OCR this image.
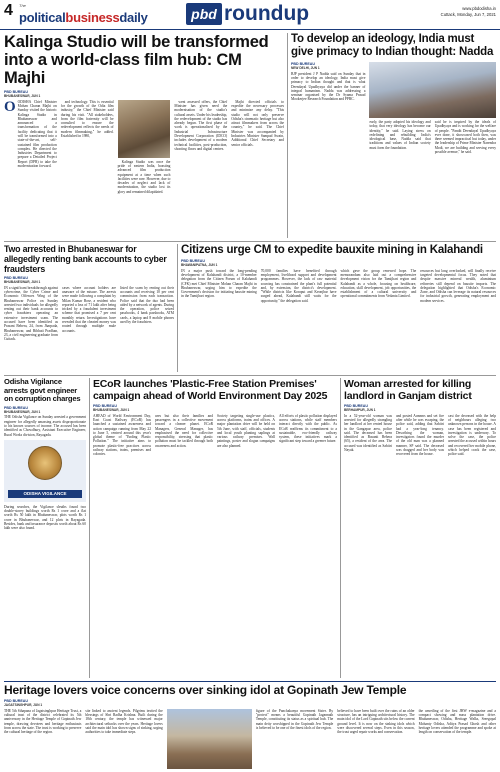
4 The
politicalbusinessdaily	pbd roundup	www.pbdodisha.in
Cuttack, Monday, Jun 7, 2021
Kalinga Studio will be transformed into a world-class film hub: CM Majhi
PBD BUREAU
BHUBANESWAR, JUN 1
O ODISHA Chief Minister Mohan Charan Majhi on Sunday visited the historic Kalinga Studio in Bhubaneswar and announced a transformation of the facility dedicating that it will be transformed into a state-of-the-art, self-sustained film production complex. He directed the Industries Department to prepare a Detailed Project Report (DPR) to take the modernisation forward.

and technology. This is essential for the growth of the Odia film industry," the Chief Minister said during his visit. "All stakeholders, from the film fraternity will be consulted to ensure the redevelopment reflects the needs of modern filmmaking," he added. Established in 1980,

Kalinga Studio was once the pride of eastern India, boasting advanced film production equipment at a time when such facilities were rare. However, due to decades of neglect and lack of modernisation, the studio lost its glory and remained dilapidated.

went assessed offers, the Chief Minister has given need the modernisation of the studio's cultural assets. Under his leadership, the redevelopment of the studio has already begun. The first phase of work is operationalised by the Industrial Infrastructure Development Corporation (IDCO) includes development of a modern technical facilities, post-production, shooting floors and digital centres.

Majhi directed officials to expedite the necessary processes and minimize any delay. "This studio will not only preserve Odisha's cinematic heritage but also attract filmmakers from across the country," he said. The Chief Minister was accompanied by Industries Minister Sampad Swain, Additional Chief Secretary and senior officials.

To develop an ideology, India must give primacy to Indian thought: Nadda
PBD BUREAU
NEW DELHI, JUN 1

BJP president J P Nadda said on Sunday that in order to develop an ideology, India must give primacy to Indian thought and that is what Deendayal Upadhyaya did under the banner of integral humanism. Nadda was addressing a seminar organised by the Dr Syama Prasad Mookerjee Research Foundation and PPRC.

early, the party adopted his ideology and today, that very ideology has become our identity," he said. Laying stress on redefining and rebuilding India's ideological base, Nadda said that traditions and values of Indian society must form the foundation.

said he is inspired by the ideals of Upadhyaya and is working for the welfare of people. "Pandit Deendayal Upadhyaya ever done, it showcased both then, was there seemed impractical but today, under the leadership of Prime Minister Narendra Modi, we are building and serving every possible avenue," he said.

Two arrested in Bhubaneswar for allegedly renting bank accounts to cyber fraudsters
PBD BUREAU
BHUBANESWAR, JUN 1

IN a significant breakthrough against cybercrime, the Cyber Crime and Economic Offences Wing of the Bhubaneswar Police on Sunday arrested two individuals for allegedly renting out their bank accounts to cyber fraudsters operating an extensive investment scam. The accused have been identified as Prasant Behera, 24, from Jharpada, Bhubaneswar, and Bibhuti Pradhan, 23, a civil engineering graduate from Cuttack.

cases where account holders are unaware of the misuse. The arrests were made following a complaint by Milan Kumar Bose, a resident who reported a loss of 71 lakh after being tricked by a fraudulent investment scheme that promised a 7 per cent monthly return. Investigations have revealed that the cheated money was routed through multiple mule accounts.

listed the scam by renting out their accounts and receiving 10 per cent commission from each transaction. Police said that the duo had been aided by a network of agents. During the operation, police seized passbooks, 4 bank passbooks, ATM cards, a laptop and 8 mobile phones used by the fraudsters.

Citizens urge CM to expedite bauxite mining in Kalahandi
PBD BUREAU
BHAWANIPATNA, JUN 1

IN a major push toward the long-pending development of Kalahandi district, a 10-member delegation from the Citizen Forum of Kalahandi (CFK) met Chief Minister Mohan Charan Majhi in Bhubaneswar, urging him to expedite the Government's decision for initiating bauxite mining in the Tamijhari region.

70,000 families have benefited through employment, livelihood support and development programmes. However, the lack of raw material sourcing has constrained the plant's full potential and, by extension, the district's development. "While districts like Koraput and Keonjhar have surged ahead, Kalahandi still waits for the opportunity," the delegation said.

which gave the group renewed hope. The memorandum also laid out a comprehensive development vision for the Tamijhari region and Kalahandi as a whole, focusing on healthcare, education, skill development, job opportunities, the establishment of a cultural university and operational commitments from Vedanta Limited.

resources but long overlooked, will finally receive targeted developmental focus. They noted that despite massive mineral wealth, aluminium refineries still depend on bauxite imports. The delegation highlighted that Odisha's Economic Zone, and Odisha can leverage its natural resources for industrial growth, generating employment and modern services.

Odisha Vigilance arrests govt engineer on corruption charges
PBD BUREAU
BHUBANESWAR, JUN 1

THE Odisha Vigilance on Sunday arrested a government engineer for allegedly amassing assets disproportionate to his known sources of income. The accused has been identified as Chowdhury, Assistant Executive Engineer, Rural Works division, Rayagada.

ODISHA VIGILANCE

During searches, the Vigilance sleuths found two double-storey buildings worth Rs 1 crore and a flat worth Rs 50 lakh in Bhubaneswar, plots worth Rs 1 crore in Bhubaneswar, and 12 plots in Rayagada. Besides, bank and insurance deposits worth about Rs 60 lakh were also found.

ECoR launches 'Plastic-Free Station Premises' campaign ahead of World Environment Day 2025
PBD BUREAU
BHUBANESWAR, JUN 1

AHEAD of World Environment Day, East Coast Railway (ECoR) has launched a sustained awareness and action campaign running from May 22 to June 5, centred around this year's global theme of "Ending Plastic Pollution." The initiative aims to promote plastic-free practices across railway stations, trains, premises and colonies.

ures but also their families and passengers in a collective movement toward a cleaner planet. ECoR Managers, General Manager, has emphasised the need for collective responsibility, stressing that plastic pollution must be tackled through both awareness and action.

Society targeting single-use plastics, across platforms, trains and offices. A major plantation drive will be held on 5th June, with staff, officials, students and local youth planting saplings at various railway premises. Wall paintings, poster and slogan campaigns are also planned.

All efforts of plastic pollution displayed across stations, while staff members interact directly with the public. As ECoR reaffirms its commitment to a sustainable, eco-friendly railway system, these initiatives mark a significant step toward a greener future.

Woman arrested for killing landlord in Ganjam district
PBD BUREAU
BERHAMPUR, JUN 1

In a 52-year-old woman was arrested for allegedly strangling her landlord at her rented house in the Gangapur area, police said. The deceased has been identified as Basanti Behera (65), a resident of the area. The accused was identified as Sabitri Nayak.

and posted Aonnms and set fire after while he was escaping, the police said, adding that Sabitri had a year-long tenancy. Describing the woman, investigators found the murder of the old man was a planned manner, SP said. The deceased was dragged and her body was recovered from the house.

cast the deceased with the help of neighbours alleging two unknown persons in the house. A case has been registered and investigation is underway. To solve the case, the police arrested the accused within hours and recovered her mobile phone, which helped crack the case, police said.

Heritage lovers voice concerns over sinking idol at Gopinath Jew Temple
PBD BUREAU
JAGATSINGHPUR, JUN 1

THE 5th Sthapana of Jagatsinghpur Heritage Trust, a cultural trust of the district celebrated its 5th anniversary in the Heritage Temple of Gopinath Jew temple, drawing devotees and heritage enthusiasts from across the state. The trust is working to preserve the cultural heritage of the region.

site linked to ancient legends. Pilgrims invited the blessings of Shri Radha Krishna. Built during the 18th century, the temple has witnessed major architectural setbacks over the years. Heritage lovers said the main idol has shown signs of sinking, urging authorities to take immediate steps.

figure of the Panchakanya movement Sister. By "protect" means a beautiful Gopinath Jagannath Temple, constituting its status as a spiritual hub. The main deity worshipped in the Gopinath Jew Temple is believed to be one of the finest idols of the region.

believed to have been built over the ruins of an older structure, has an intriguing architectural history. The main idol of the Lord Gopinath sits below the current ground level. It is now on the sinking idols which were discovered several steps. Even in this season, the trust urged repair works and conservation.

the unveiling of the first JHW e-magazine and a compact showing and mass plantation drive. Bhubaneswar, Odisha, Heritage Walks, Sreegopal Mohanty Odisha, Aditya Prasad Ghosh and other heritage lovers attended the programme and spoke at length on conservation of the temple.
